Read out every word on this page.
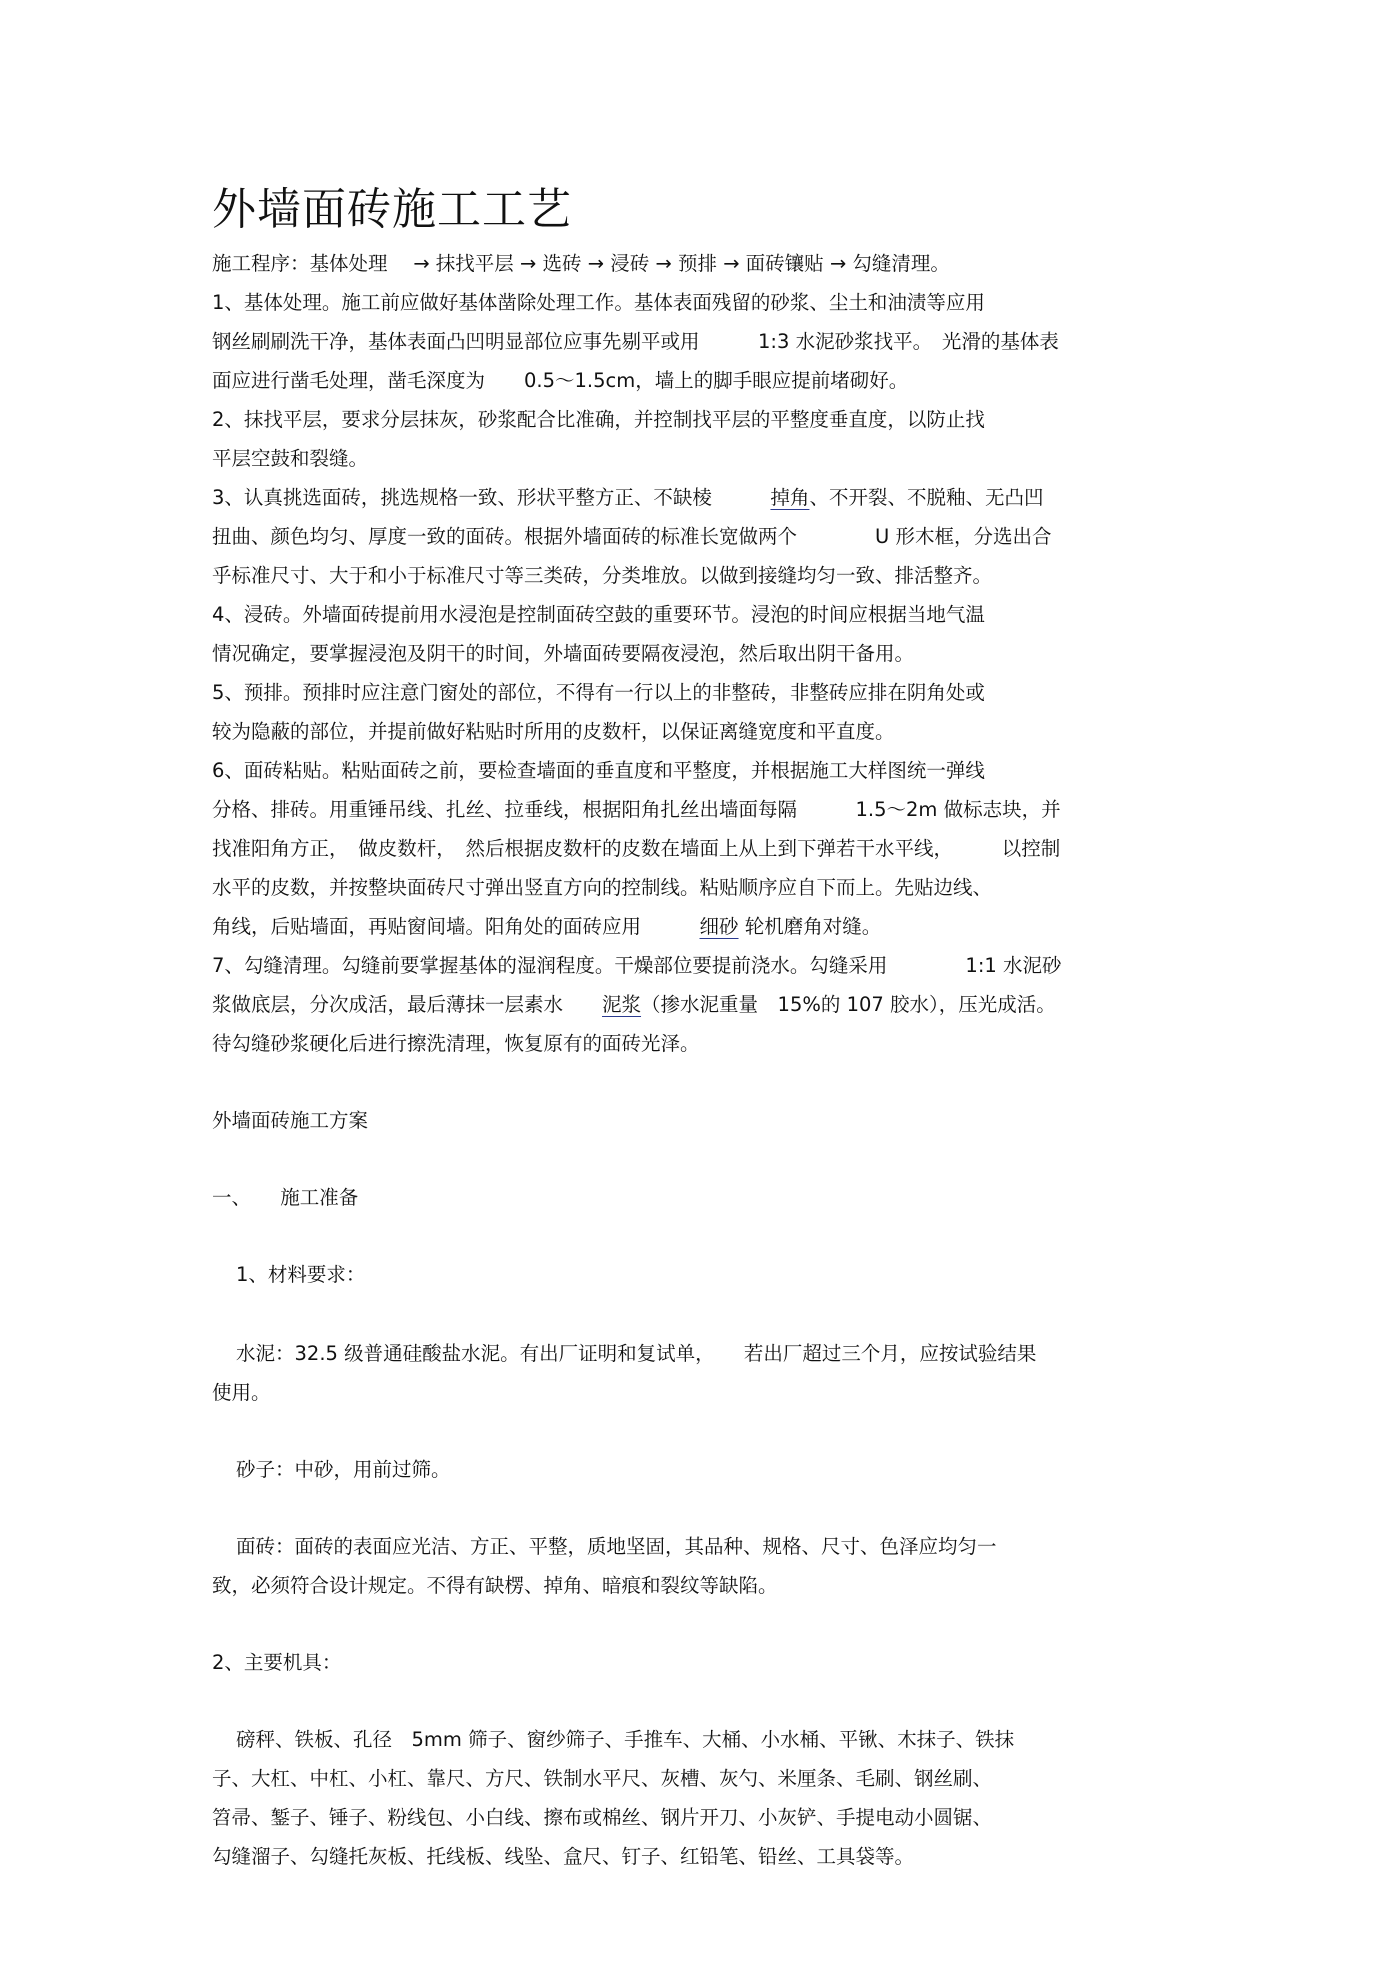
外墙面砖施工工艺
施工程序：基体处理　 → 抹找平层 → 选砖 → 浸砖 → 预排 → 面砖镶贴 → 勾缝清理。
1、基体处理。施工前应做好基体凿除处理工作。基体表面残留的砂浆、尘土和油渍等应用
钢丝刷刷洗干净，基体表面凸凹明显部位应事先剔平或用　　　1:3 水泥砂浆找平。　光滑的基体表
面应进行凿毛处理，凿毛深度为　　0.5～1.5cm，墙上的脚手眼应提前堵砌好。
2、抹找平层，要求分层抹灰，砂浆配合比准确，并控制找平层的平整度垂直度，以防止找
平层空鼓和裂缝。
3、认真挑选面砖，挑选规格一致、形状平整方正、不缺棱　　　掉角、不开裂、不脱釉、无凸凹
扭曲、颜色均匀、厚度一致的面砖。根据外墙面砖的标准长宽做两个　　　　U 形木框，分选出合
乎标准尺寸、大于和小于标准尺寸等三类砖，分类堆放。以做到接缝均匀一致、排活整齐。
4、浸砖。外墙面砖提前用水浸泡是控制面砖空鼓的重要环节。浸泡的时间应根据当地气温
情况确定，要掌握浸泡及阴干的时间，外墙面砖要隔夜浸泡，然后取出阴干备用。
5、预排。预排时应注意门窗处的部位，不得有一行以上的非整砖，非整砖应排在阴角处或
较为隐蔽的部位，并提前做好粘贴时所用的皮数杆，以保证离缝宽度和平直度。
6、面砖粘贴。粘贴面砖之前，要检查墙面的垂直度和平整度，并根据施工大样图统一弹线
分格、排砖。用重锤吊线、扎丝、拉垂线，根据阳角扎丝出墙面每隔　　　1.5～2m 做标志块，并
找准阳角方正，　做皮数杆，　然后根据皮数杆的皮数在墙面上从上到下弹若干水平线，　　　以控制
水平的皮数，并按整块面砖尺寸弹出竖直方向的控制线。粘贴顺序应自下而上。先贴边线、
角线，后贴墙面，再贴窗间墙。阳角处的面砖应用　　　细砂 轮机磨角对缝。
7、勾缝清理。勾缝前要掌握基体的湿润程度。干燥部位要提前浇水。勾缝采用　　　　1:1 水泥砂
浆做底层，分次成活，最后薄抹一层素水　　泥浆（掺水泥重量　15%的 107 胶水），压光成活。
待勾缝砂浆硬化后进行擦洗清理，恢复原有的面砖光泽。
外墙面砖施工方案
一、　　施工准备
1、材料要求：
水泥：32.5 级普通硅酸盐水泥。有出厂证明和复试单，　　若出厂超过三个月，应按试验结果
使用。
砂子：中砂，用前过筛。
面砖：面砖的表面应光洁、方正、平整，质地坚固，其品种、规格、尺寸、色泽应均匀一
致，必须符合设计规定。不得有缺楞、掉角、暗痕和裂纹等缺陷。
2、主要机具：
磅秤、铁板、孔径　5mm 筛子、窗纱筛子、手推车、大桶、小水桶、平锹、木抹子、铁抹
子、大杠、中杠、小杠、靠尺、方尺、铁制水平尺、灰槽、灰勺、米厘条、毛刷、钢丝刷、
笤帚、錾子、锤子、粉线包、小白线、擦布或棉丝、钢片开刀、小灰铲、手提电动小圆锯、
勾缝溜子、勾缝托灰板、托线板、线坠、盒尺、钉子、红铅笔、铅丝、工具袋等。
